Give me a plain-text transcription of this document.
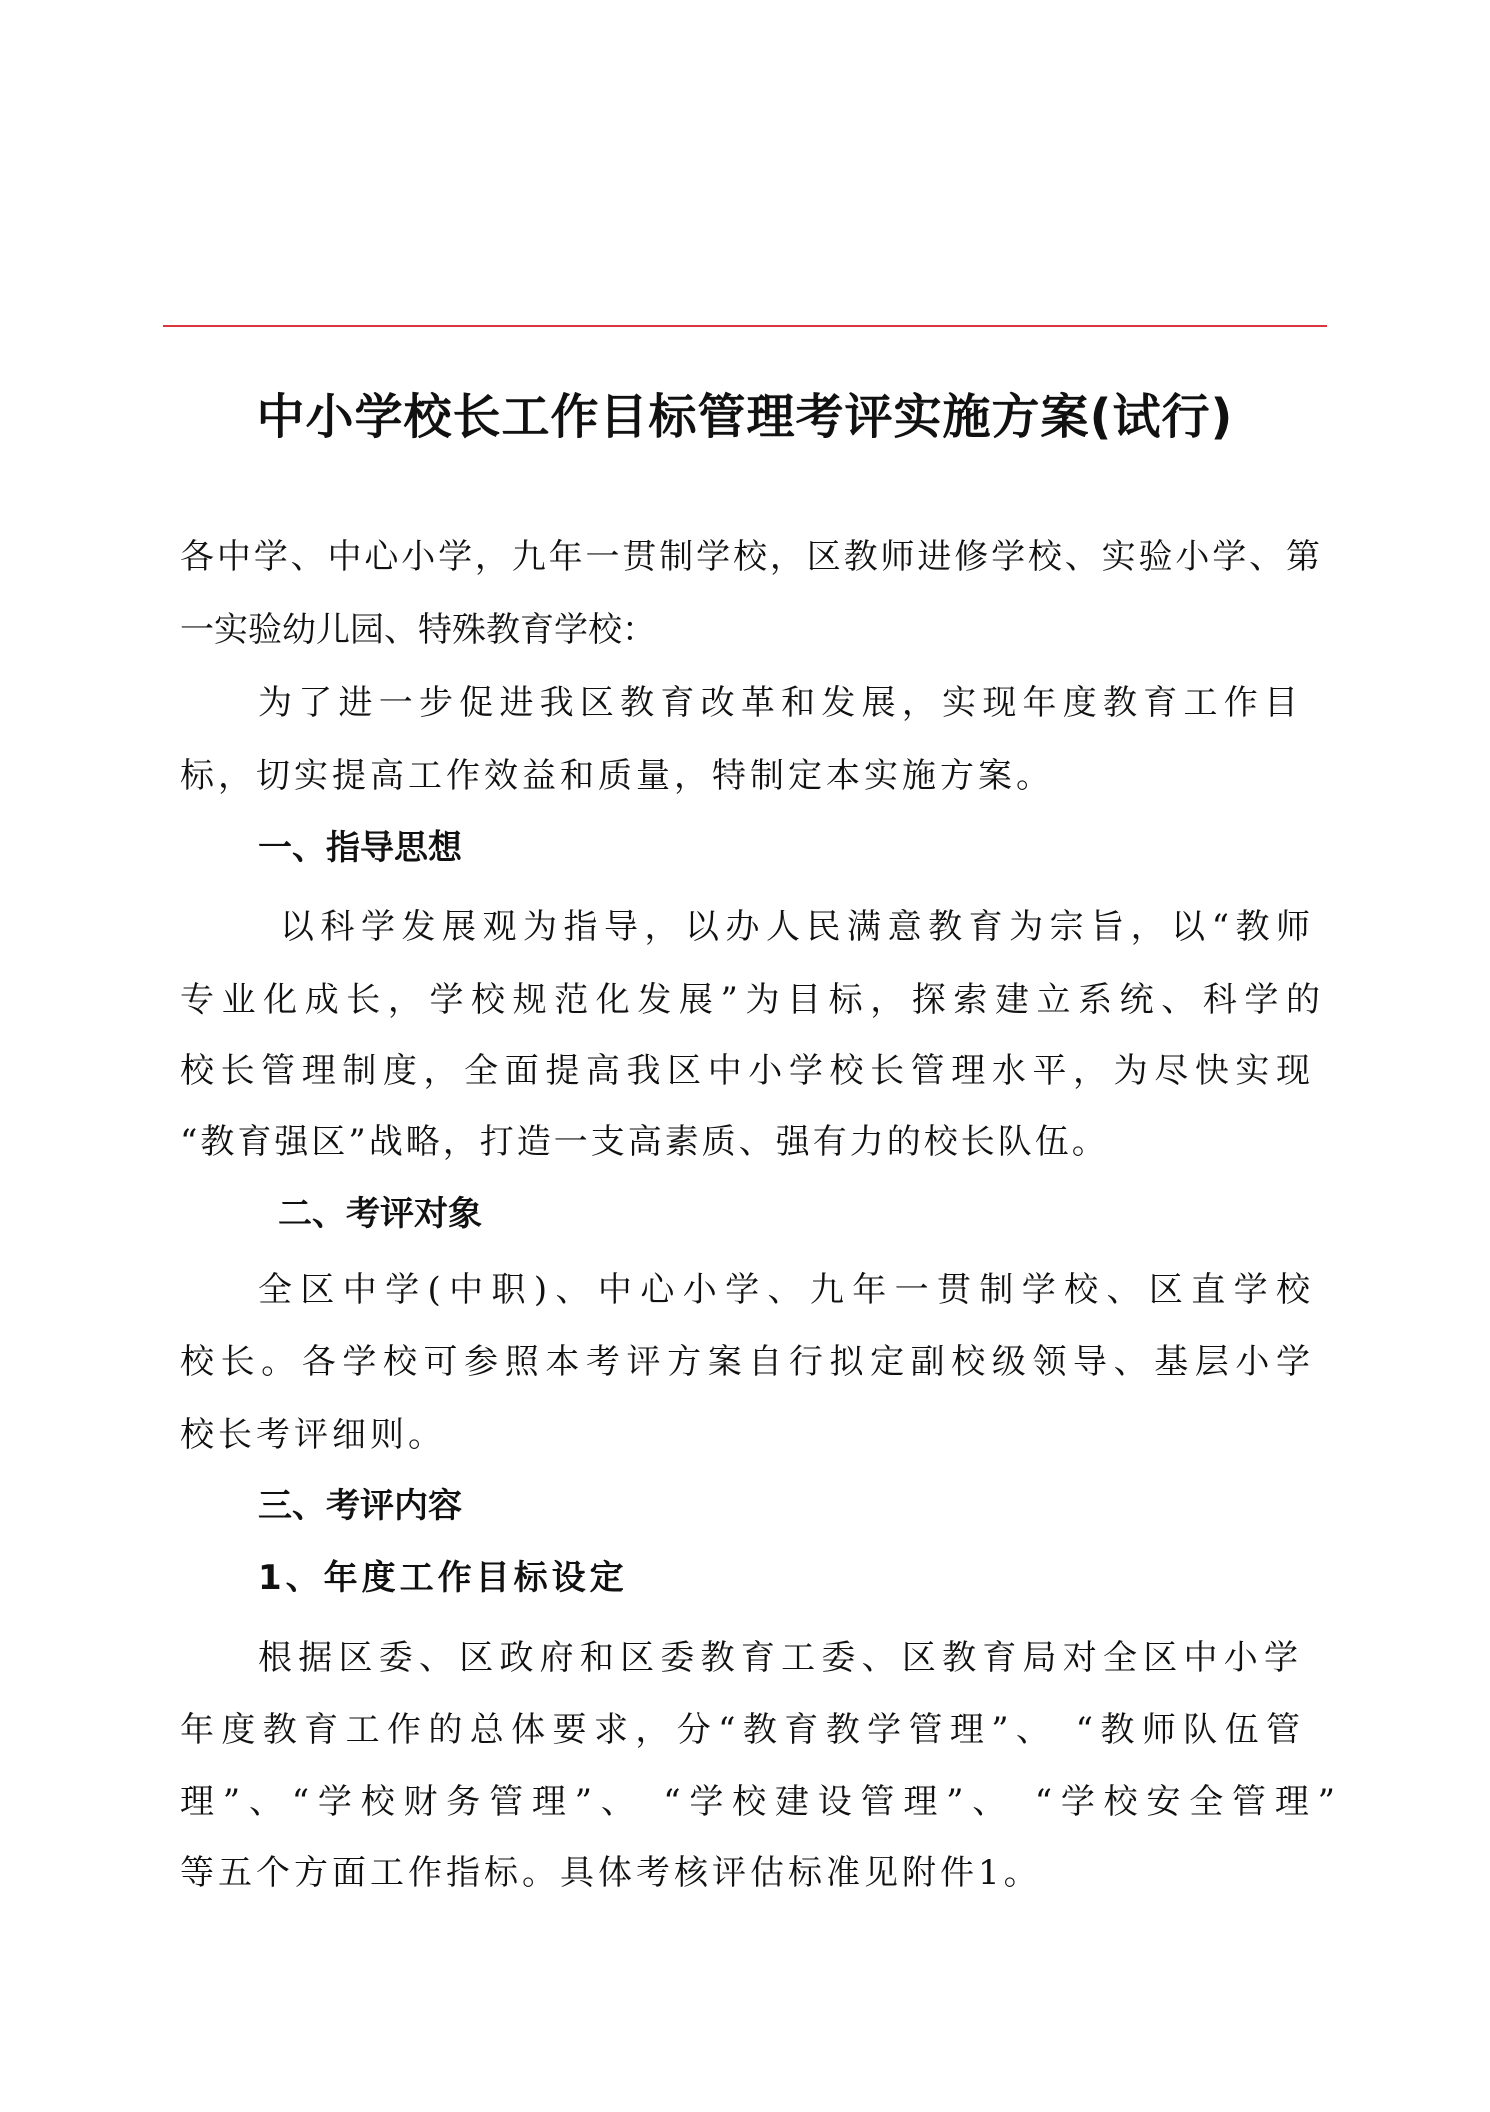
中小学校长工作目标管理考评实施方案(试行)
各中学、中心小学，九年一贯制学校，区教师进修学校、实验小学、第
一实验幼儿园、特殊教育学校：
为了进一步促进我区教育改革和发展，实现年度教育工作目
标，切实提高工作效益和质量，特制定本实施方案。
一、指导思想
以科学发展观为指导，以办人民满意教育为宗旨，以“教师
专业化成长，学校规范化发展”为目标，探索建立系统、科学的
校长管理制度，全面提高我区中小学校长管理水平，为尽快实现
“教育强区”战略，打造一支高素质、强有力的校长队伍。
二、考评对象
全区中学(中职)、中心小学、九年一贯制学校、区直学校
校长。各学校可参照本考评方案自行拟定副校级领导、基层小学
校长考评细则。
三、考评内容
1、年度工作目标设定
根据区委、区政府和区委教育工委、区教育局对全区中小学
年度教育工作的总体要求，分“教育教学管理”、 “教师队伍管
理”、“学校财务管理”、 “学校建设管理”、 “学校安全管理”
等五个方面工作指标。具体考核评估标准见附件1。
